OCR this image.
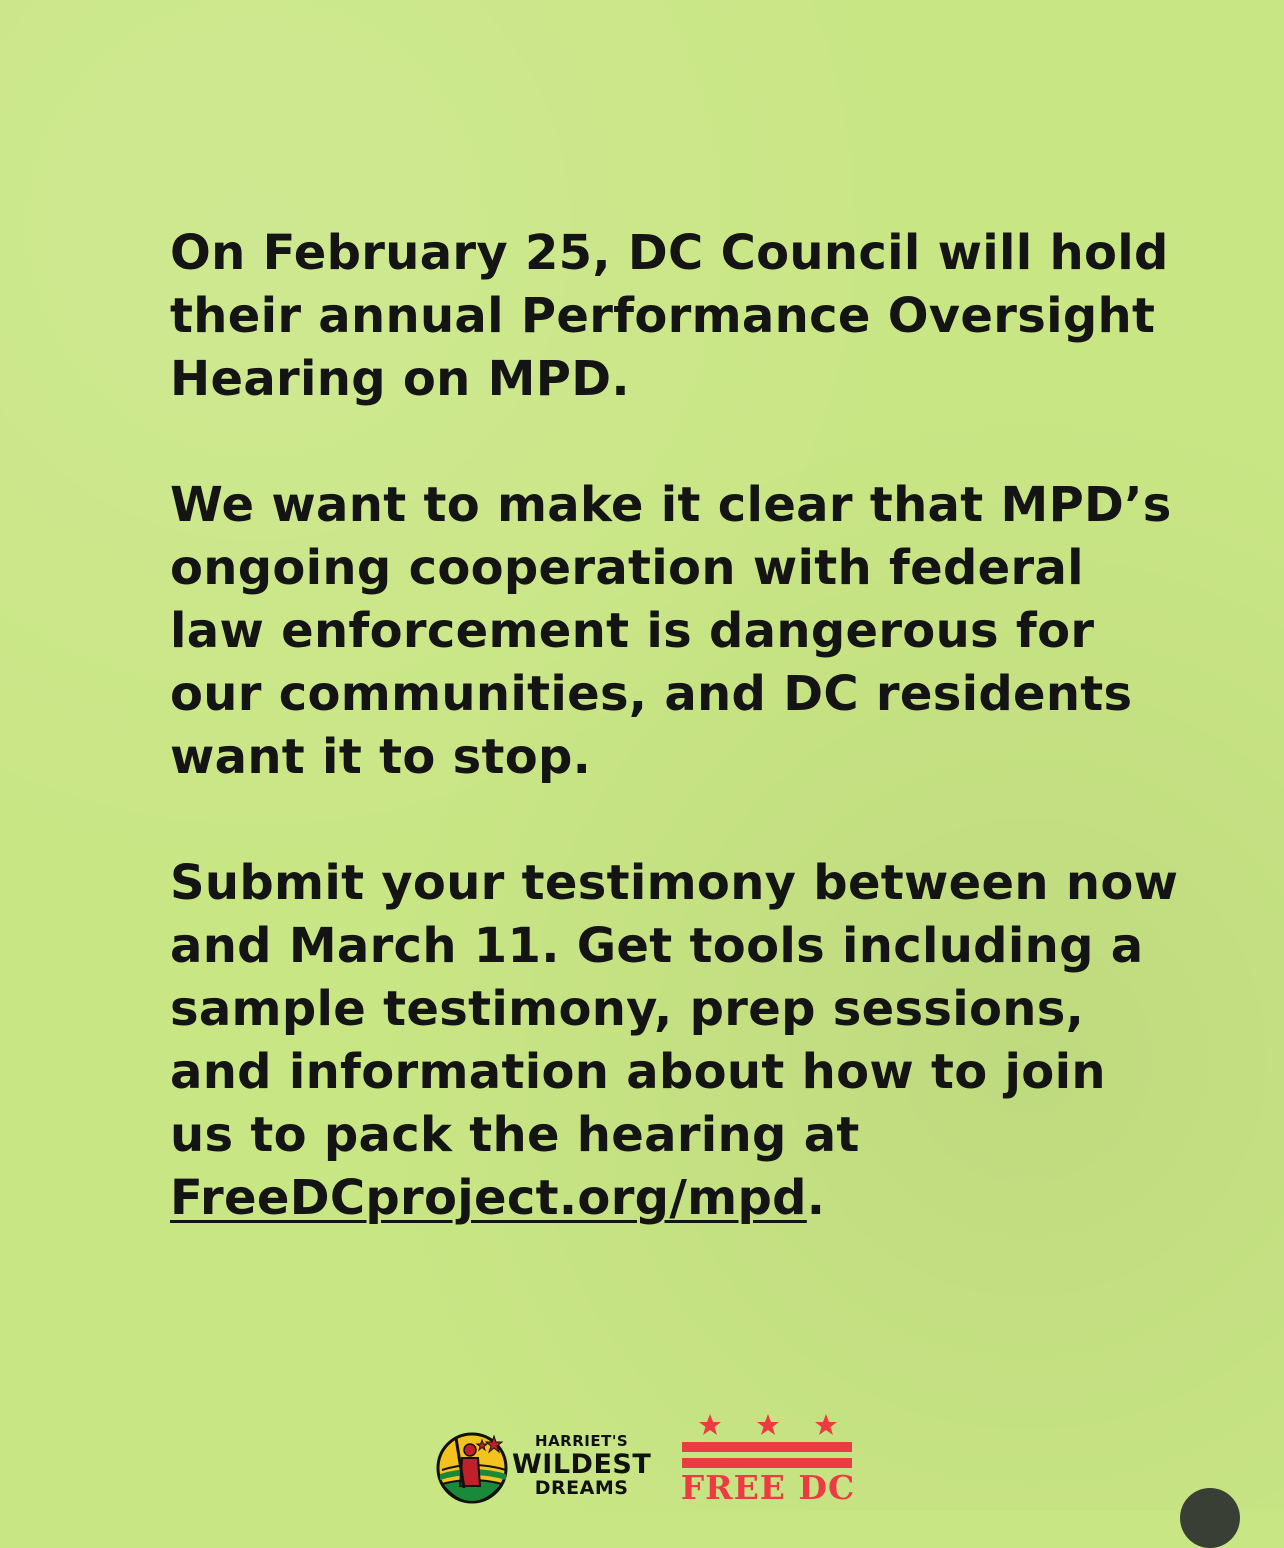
On February 25, DC Council will hold their annual Performance Oversight Hearing on MPD.

We want to make it clear that MPD’s ongoing cooperation with federal law enforcement is dangerous for our communities, and DC residents want it to stop.

Submit your testimony between now and March 11. Get tools including a sample testimony, prep sessions, and information about how to join us to pack the hearing at FreeDCproject.org/mpd.

HARRIET'S
WILDEST
DREAMS	FREE DC
